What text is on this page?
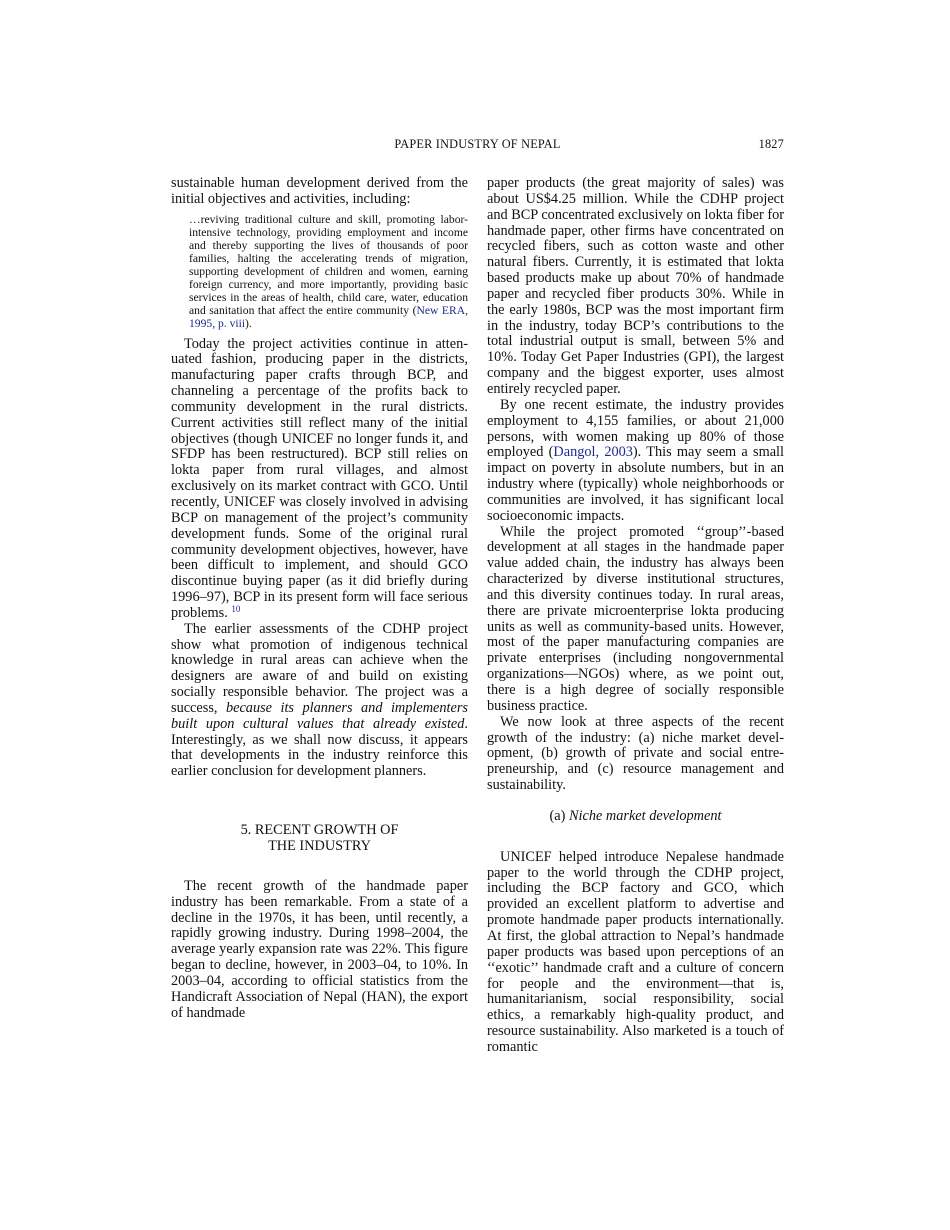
PAPER INDUSTRY OF NEPAL	1827

sustainable human development derived from the initial objectives and activities, including:

…reviving traditional culture and skill, promoting labor-intensive technology, providing employment and income and thereby supporting the lives of thousands of poor families, halting the accelerating trends of migration, supporting development of children and women, earning foreign currency, and more importantly, providing basic services in the areas of health, child care, water, education and sanitation that affect the entire community (New ERA, 1995, p. viii).

Today the project activities continue in attenuated fashion, producing paper in the districts, manufacturing paper crafts through BCP, and channeling a percentage of the profits back to community development in the rural districts. Current activities still reflect many of the initial objectives (though UNICEF no longer funds it, and SFDP has been restructured). BCP still relies on lokta paper from rural villages, and almost exclusively on its market contract with GCO. Until recently, UNICEF was closely involved in advising BCP on management of the project’s community development funds. Some of the original rural community development objectives, however, have been difficult to implement, and should GCO discontinue buying paper (as it did briefly during 1996–97), BCP in its present form will face serious problems. $^{10}$

The earlier assessments of the CDHP project show what promotion of indigenous technical knowledge in rural areas can achieve when the designers are aware of and build on existing socially responsible behavior. The project was a success, because its planners and implementers built upon cultural values that already existed. Interestingly, as we shall now discuss, it appears that developments in the industry reinforce this earlier conclusion for development planners.

5. RECENT GROWTH OF
THE INDUSTRY

The recent growth of the handmade paper industry has been remarkable. From a state of a decline in the 1970s, it has been, until recently, a rapidly growing industry. During 1998–2004, the average yearly expansion rate was 22%. This figure began to decline, however, in 2003–04, to 10%. In 2003–04, according to official statistics from the Handicraft Association of Nepal (HAN), the export of handmade

paper products (the great majority of sales) was about US$4.25 million. While the CDHP project and BCP concentrated exclusively on lokta fiber for handmade paper, other firms have concentrated on recycled fibers, such as cotton waste and other natural fibers. Currently, it is estimated that lokta based products make up about 70% of handmade paper and recycled fiber products 30%. While in the early 1980s, BCP was the most important firm in the industry, today BCP’s contributions to the total industrial output is small, between 5% and 10%. Today Get Paper Industries (GPI), the largest company and the biggest exporter, uses almost entirely recycled paper.

By one recent estimate, the industry provides employment to 4,155 families, or about 21,000 persons, with women making up 80% of those employed (Dangol, 2003). This may seem a small impact on poverty in absolute numbers, but in an industry where (typically) whole neighborhoods or communities are involved, it has significant local socioeconomic impacts.

While the project promoted ‘‘group’’-based development at all stages in the handmade paper value added chain, the industry has always been characterized by diverse institutional structures, and this diversity continues today. In rural areas, there are private microenterprise lokta producing units as well as community-based units. However, most of the paper manufacturing companies are private enterprises (including nongovernmental organizations—NGOs) where, as we point out, there is a high degree of socially responsible business practice.

We now look at three aspects of the recent growth of the industry: (a) niche market development, (b) growth of private and social entrepreneurship, and (c) resource management and sustainability.

(a) Niche market development

UNICEF helped introduce Nepalese handmade paper to the world through the CDHP project, including the BCP factory and GCO, which provided an excellent platform to advertise and promote handmade paper products internationally. At first, the global attraction to Nepal’s handmade paper products was based upon perceptions of an ‘‘exotic’’ handmade craft and a culture of concern for people and the environment—that is, humanitarianism, social responsibility, social ethics, a remarkably high-quality product, and resource sustainability. Also marketed is a touch of romantic
